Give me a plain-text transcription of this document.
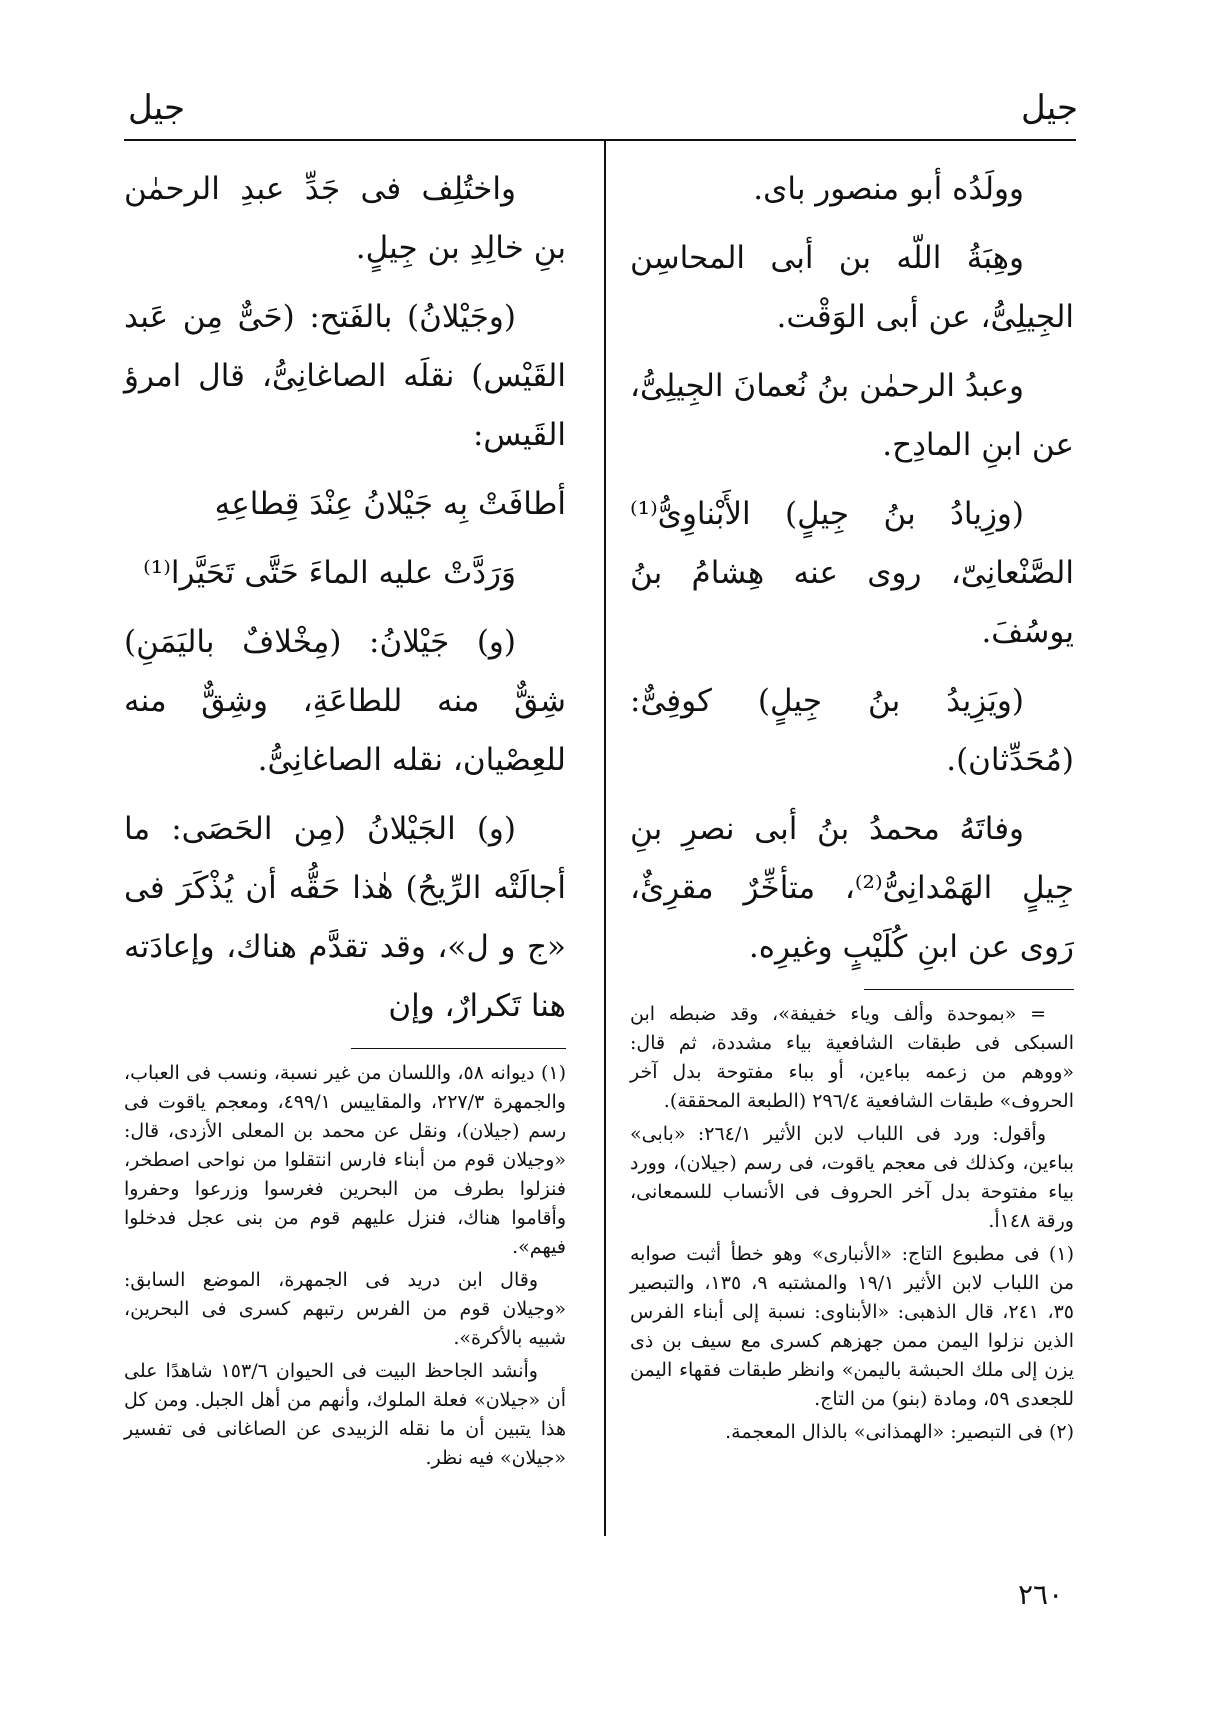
جيل
جيل

وولَدُه أبو منصور باى.

وهِبَةُ اللّه بن أبى المحاسِن الجِيلِىُّ، عن أبى الوَقْت.

وعبدُ الرحمٰن بنُ نُعمانَ الجِيلِىُّ، عن ابنِ المادِح.

(وزِيادُ بنُ جِيلٍ) الأَبْناوِىُّ⁽¹⁾ الصَّنْعانِىّ، روى عنه هِشامُ بنُ يوسُفَ.

(ويَزِيدُ بنُ جِيلٍ) كوفِىٌّ: (مُحَدِّثان).

وفاتَهُ محمدُ بنُ أبى نصرِ بنِ جِيلٍ الهَمْدانِىُّ⁽²⁾، متأخِّرٌ مقرِئٌ، رَوى عن ابنِ كُلَيْبٍ وغيرِه.

= «بموحدة وألف وياء خفيفة»، وقد ضبطه ابن السبكى فى طبقات الشافعية بياء مشددة، ثم قال: «ووهم من زعمه بباءين، أو بباء مفتوحة بدل آخر الحروف» طبقات الشافعية ٢٩٦/٤ (الطبعة المحققة).

وأقول: ورد فى اللباب لابن الأثير ٢٦٤/١: «بابى» بباءين، وكذلك فى معجم ياقوت، فى رسم (جيلان)، وورد بياء مفتوحة بدل آخر الحروف فى الأنساب للسمعانى، ورقة ١٤٨أ.

(١) فى مطبوع التاج: «الأنبارى» وهو خطأ أثبت صوابه من اللباب لابن الأثير ١٩/١ والمشتبه ٩، ١٣٥، والتبصير ٣٥، ٢٤١، قال الذهبى: «الأبناوى: نسبة إلى أبناء الفرس الذين نزلوا اليمن ممن جهزهم كسرى مع سيف بن ذى يزن إلى ملك الحبشة باليمن» وانظر طبقات فقهاء اليمن للجعدى ٥٩، ومادة (بنو) من التاج.

(٢) فى التبصير: «الهمذانى» بالذال المعجمة.

واختُلِف فى جَدِّ عبدِ الرحمٰن بنِ خالِدِ بن جِيلٍ.

(وجَيْلانُ) بالفَتح: (حَىٌّ مِن عَبد القَيْس) نقلَه الصاغانِىُّ، قال امرؤ القَيس:

أطافَتْ بِه جَيْلانُ عِنْدَ قِطاعِهِ

وَرَدَّتْ عليه الماءَ حَتَّى تَحَيَّرا⁽¹⁾

(و) جَيْلانُ: (مِخْلافٌ باليَمَنِ) شِقٌّ منه للطاعَةِ، وشِقٌّ منه للعِصْيان، نقله الصاغانِىُّ.

(و) الجَيْلانُ (مِن الحَصَى: ما أجالَتْه الرِّيحُ) هٰذا حَقُّه أن يُذْكَرَ فى «ج و ل»، وقد تقدَّم هناك، وإعادَته هنا تَكرارٌ، وإن

(١) ديوانه ٥٨، واللسان من غير نسبة، ونسب فى العباب، والجمهرة ٢٢٧/٣، والمقاييس ٤٩٩/١، ومعجم ياقوت فى رسم (جيلان)، ونقل عن محمد بن المعلى الأزدى، قال: «وجيلان قوم من أبناء فارس انتقلوا من نواحى اصطخر، فنزلوا بطرف من البحرين فغرسوا وزرعوا وحفروا وأقاموا هناك، فنزل عليهم قوم من بنى عجل فدخلوا فيهم».

وقال ابن دريد فى الجمهرة، الموضع السابق: «وجيلان قوم من الفرس رتبهم كسرى فى البحرين، شبيه بالأكرة».

وأنشد الجاحظ البيت فى الحيوان ١٥٣/٦ شاهدًا على أن «جيلان» فعلة الملوك، وأنهم من أهل الجبل. ومن كل هذا يتبين أن ما نقله الزبيدى عن الصاغانى فى تفسير «جيلان» فيه نظر.

٢٦٠
